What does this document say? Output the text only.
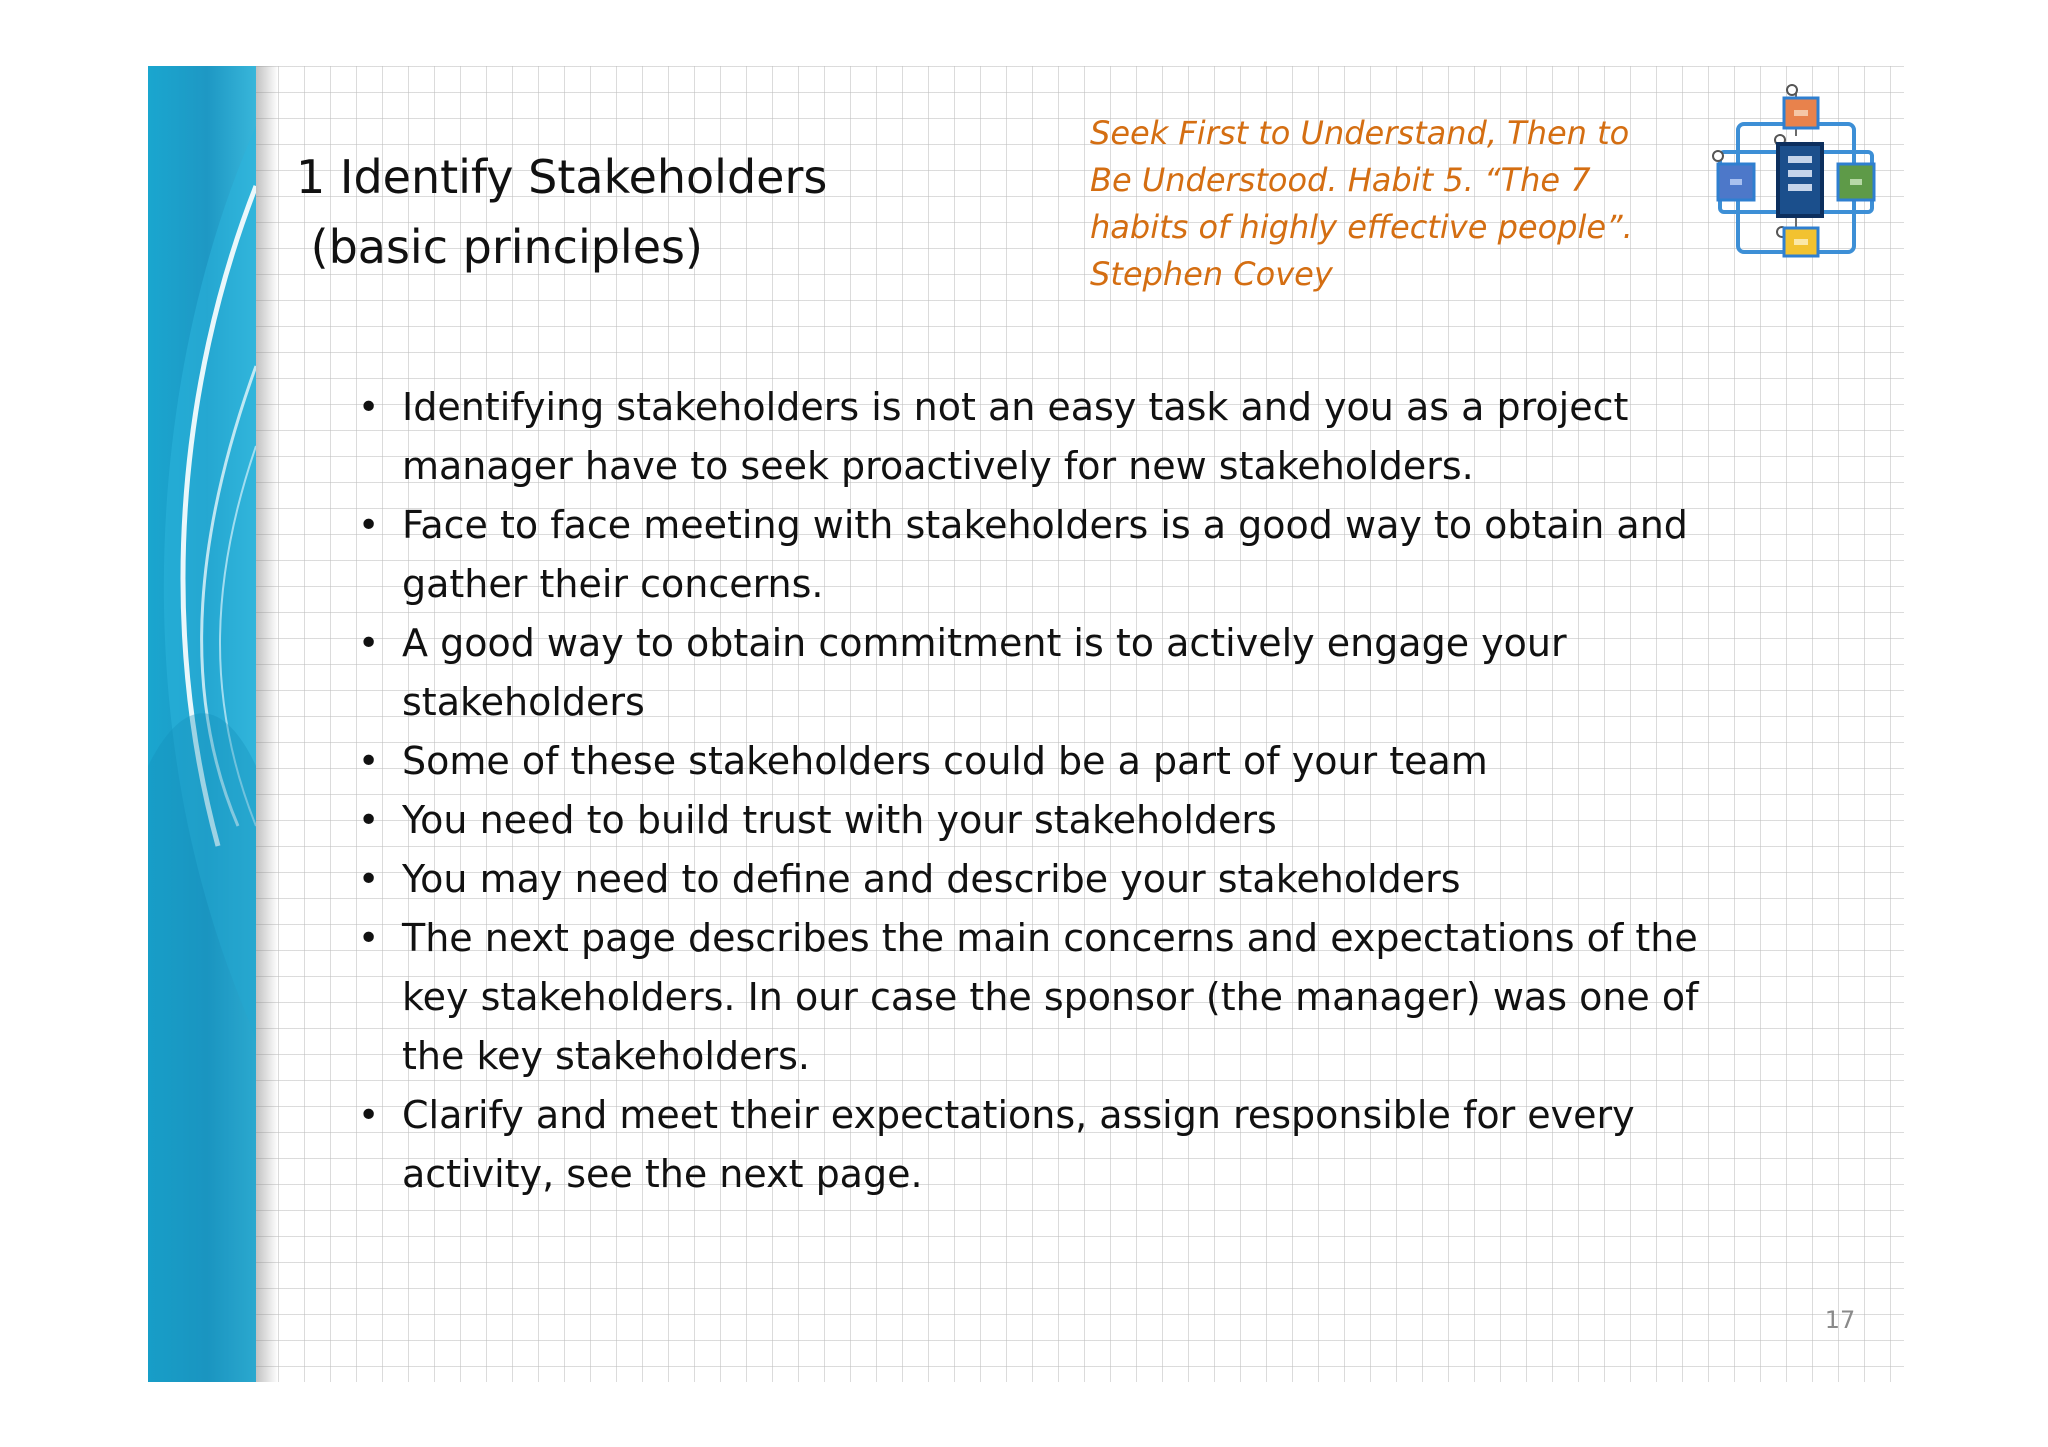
1 Identify Stakeholders
(basic principles)

Seek First to Understand, Then to
Be Understood. Habit 5. “The 7
habits of highly effective people”.
Stephen Covey

• Identifying stakeholders is not an easy task and you as a project
manager have to seek proactively for new stakeholders.
• Face to face meeting with stakeholders is a good way to obtain and
gather their concerns.
• A good way to obtain commitment is to actively engage your
stakeholders
• Some of these stakeholders could be a part of your team
• You need to build trust with your stakeholders
• You may need to define and describe your stakeholders
• The next page describes the main concerns and expectations of the
key stakeholders. In our case the sponsor (the manager) was one of
the key stakeholders.
• Clarify and meet their expectations, assign responsible for every
activity, see the next page.
17
